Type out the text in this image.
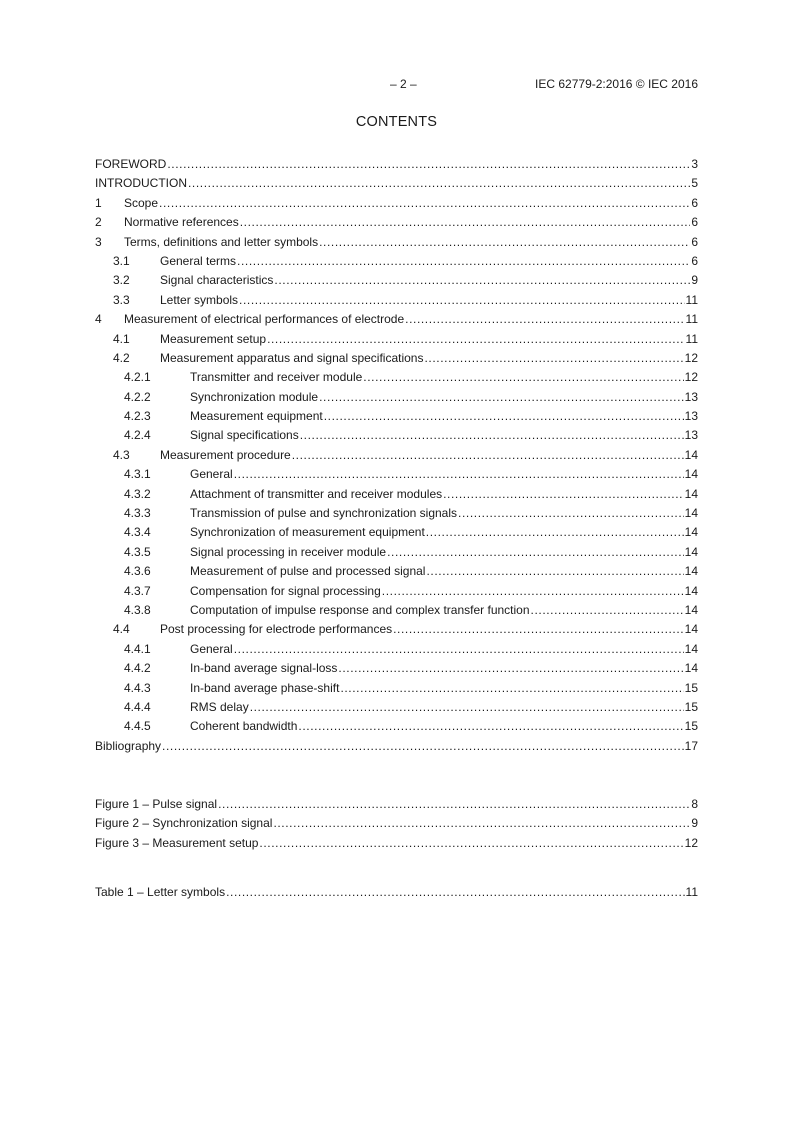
– 2 –	IEC 62779-2:2016 © IEC 2016
CONTENTS
FOREWORD .....	3
INTRODUCTION .....	5
1	Scope .....	6
2	Normative references .....	6
3	Terms, definitions and letter symbols .....	6
3.1	General terms .....	6
3.2	Signal characteristics .....	9
3.3	Letter symbols .....	11
4	Measurement of electrical performances of electrode .....	11
4.1	Measurement setup .....	11
4.2	Measurement apparatus and signal specifications .....	12
4.2.1	Transmitter and receiver module .....	12
4.2.2	Synchronization module .....	13
4.2.3	Measurement equipment .....	13
4.2.4	Signal specifications .....	13
4.3	Measurement procedure .....	14
4.3.1	General .....	14
4.3.2	Attachment of transmitter and receiver modules .....	14
4.3.3	Transmission of pulse and synchronization signals .....	14
4.3.4	Synchronization of measurement equipment .....	14
4.3.5	Signal processing in receiver module .....	14
4.3.6	Measurement of pulse and processed signal .....	14
4.3.7	Compensation for signal processing .....	14
4.3.8	Computation of impulse response and complex transfer function .....	14
4.4	Post processing for electrode performances .....	14
4.4.1	General .....	14
4.4.2	In-band average signal-loss .....	14
4.4.3	In-band average phase-shift .....	15
4.4.4	RMS delay .....	15
4.4.5	Coherent bandwidth .....	15
Bibliography .....	17
Figure 1 – Pulse signal .....	8
Figure 2 – Synchronization signal .....	9
Figure 3 – Measurement setup .....	12
Table 1 – Letter symbols .....	11
